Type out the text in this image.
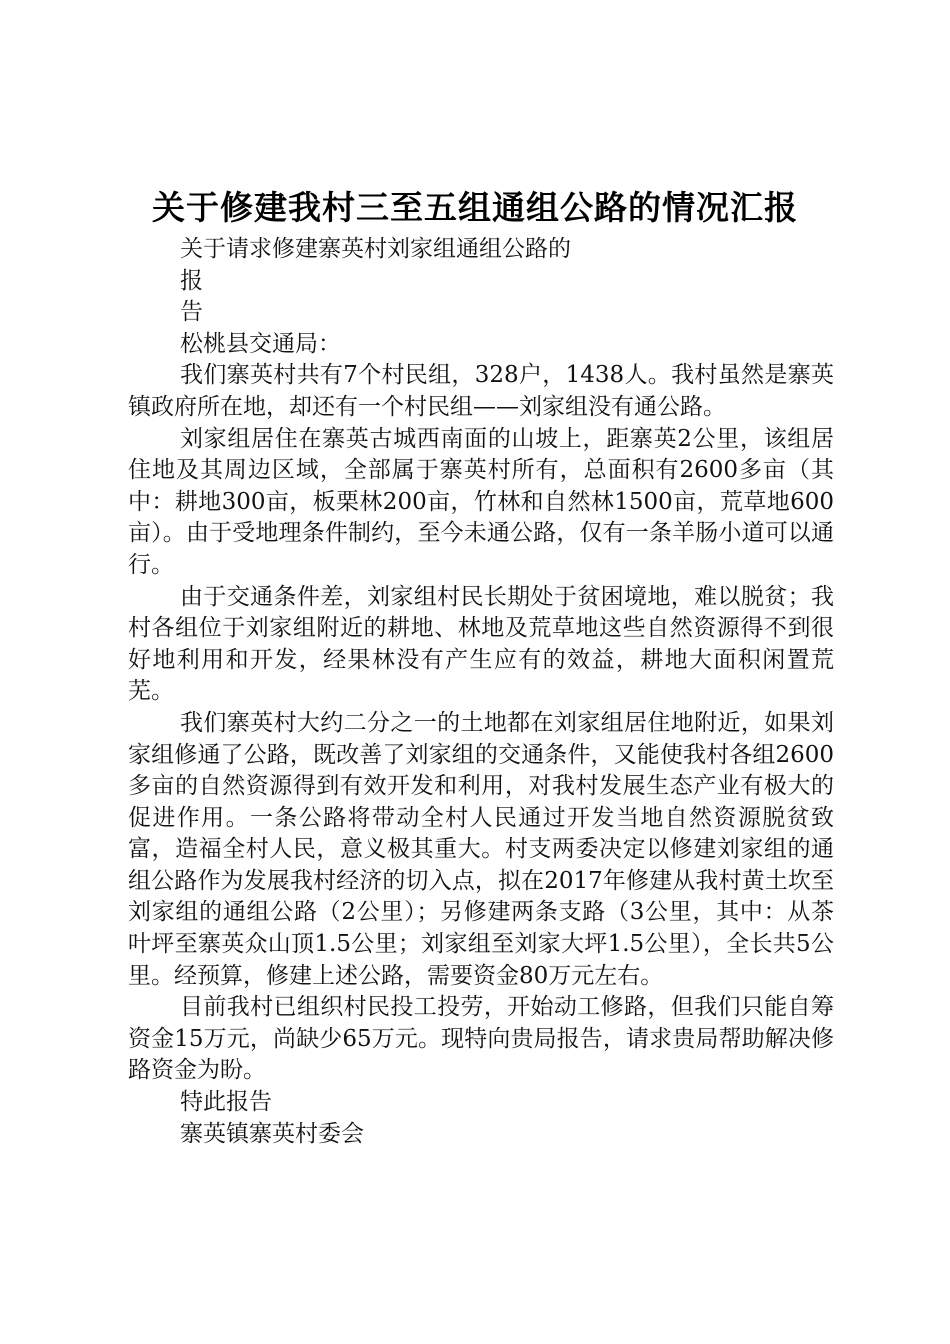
关于修建我村三至五组通组公路的情况汇报

关于请求修建寨英村刘家组通组公路的

报

告

松桃县交通局：

我们寨英村共有7个村民组，328户，1438人。我村虽然是寨英镇政府所在地，却还有一个村民组——刘家组没有通公路。

刘家组居住在寨英古城西南面的山坡上，距寨英2公里，该组居住地及其周边区域，全部属于寨英村所有，总面积有2600多亩（其中：耕地300亩，板栗林200亩，竹林和自然林1500亩，荒草地600亩）。由于受地理条件制约，至今未通公路，仅有一条羊肠小道可以通行。

由于交通条件差，刘家组村民长期处于贫困境地，难以脱贫；我村各组位于刘家组附近的耕地、林地及荒草地这些自然资源得不到很好地利用和开发，经果林没有产生应有的效益，耕地大面积闲置荒芜。

我们寨英村大约二分之一的土地都在刘家组居住地附近，如果刘家组修通了公路，既改善了刘家组的交通条件，又能使我村各组2600多亩的自然资源得到有效开发和利用，对我村发展生态产业有极大的促进作用。一条公路将带动全村人民通过开发当地自然资源脱贫致富，造福全村人民，意义极其重大。村支两委决定以修建刘家组的通组公路作为发展我村经济的切入点，拟在2017年修建从我村黄土坎至刘家组的通组公路（2公里）；另修建两条支路（3公里，其中：从茶叶坪至寨英众山顶1.5公里；刘家组至刘家大坪1.5公里），全长共5公里。经预算，修建上述公路，需要资金80万元左右。

目前我村已组织村民投工投劳，开始动工修路，但我们只能自筹资金15万元，尚缺少65万元。现特向贵局报告，请求贵局帮助解决修路资金为盼。

特此报告

寨英镇寨英村委会
